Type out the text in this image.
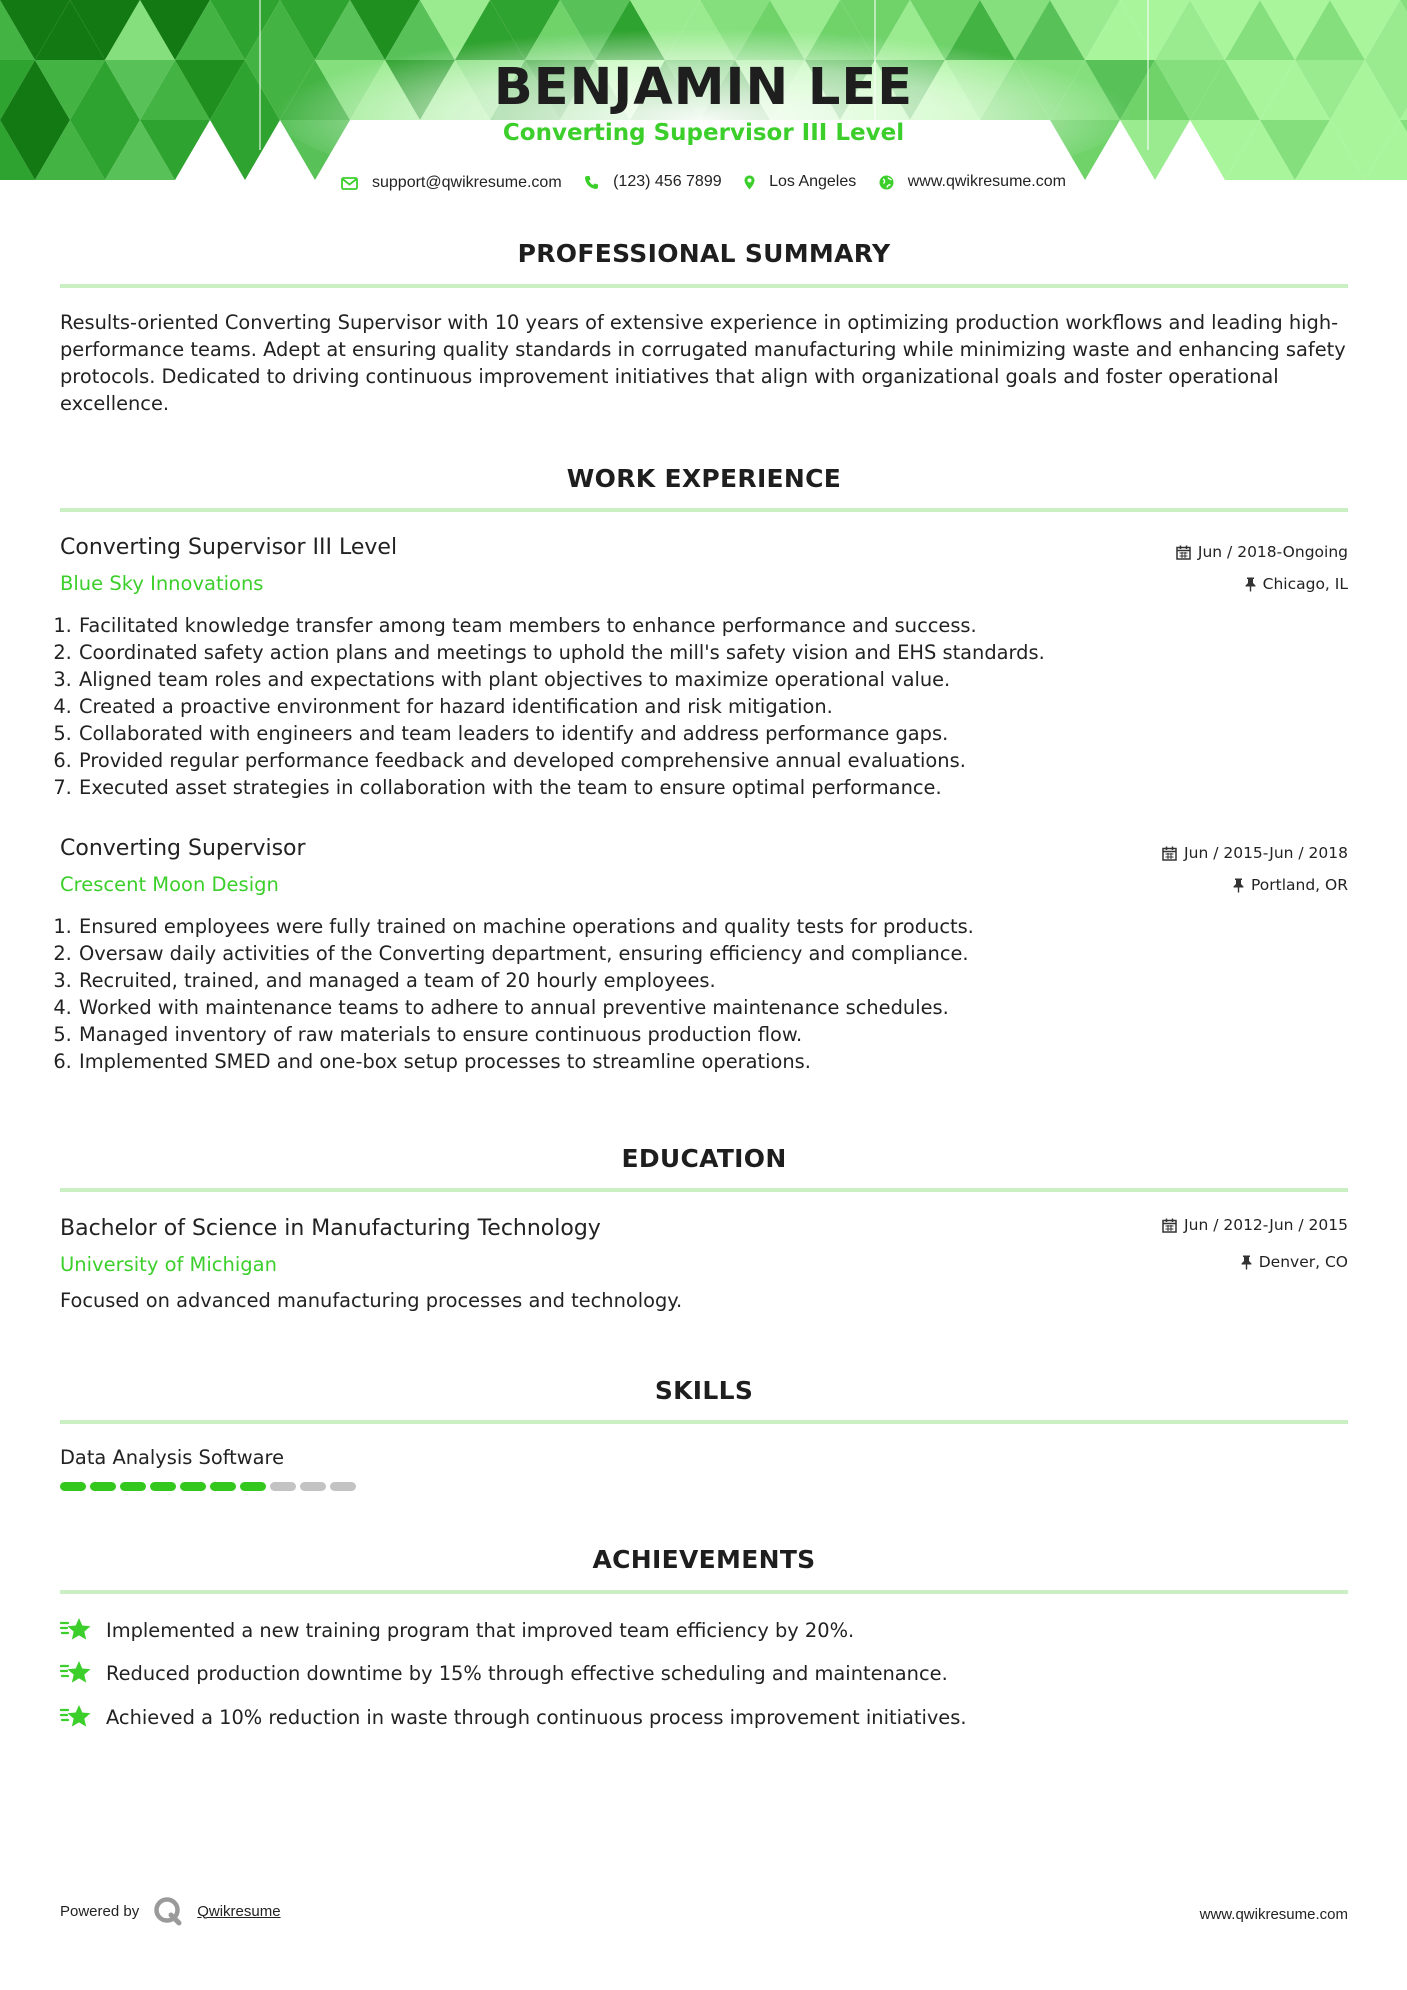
BENJAMIN LEE
Converting Supervisor III Level
support@qwikresume.com
	(123) 456 7899
	Los Angeles
	www.qwikresume.com
PROFESSIONAL SUMMARY

Results-oriented Converting Supervisor with 10 years of extensive experience in optimizing production workflows and leading high-performance teams. Adept at ensuring quality standards in corrugated manufacturing while minimizing waste and enhancing safety protocols. Dedicated to driving continuous improvement initiatives that align with organizational goals and foster operational excellence.

WORK EXPERIENCE
Converting Supervisor III Level
Blue Sky Innovations
Jun / 2018-Ongoing
Chicago, IL
1. Facilitated knowledge transfer among team members to enhance performance and success.
2. Coordinated safety action plans and meetings to uphold the mill's safety vision and EHS standards.
3. Aligned team roles and expectations with plant objectives to maximize operational value.
4. Created a proactive environment for hazard identification and risk mitigation.
5. Collaborated with engineers and team leaders to identify and address performance gaps.
6. Provided regular performance feedback and developed comprehensive annual evaluations.
7. Executed asset strategies in collaboration with the team to ensure optimal performance.
Converting Supervisor
Crescent Moon Design
Jun / 2015-Jun / 2018
Portland, OR
1. Ensured employees were fully trained on machine operations and quality tests for products.
2. Oversaw daily activities of the Converting department, ensuring efficiency and compliance.
3. Recruited, trained, and managed a team of 20 hourly employees.
4. Worked with maintenance teams to adhere to annual preventive maintenance schedules.
5. Managed inventory of raw materials to ensure continuous production flow.
6. Implemented SMED and one-box setup processes to streamline operations.
EDUCATION
Bachelor of Science in Manufacturing Technology
University of Michigan
Jun / 2012-Jun / 2015
Denver, CO

Focused on advanced manufacturing processes and technology.

SKILLS
Data Analysis Software
ACHIEVEMENTS
Implemented a new training program that improved team efficiency by 20%.
Reduced production downtime by 15% through effective scheduling and maintenance.
Achieved a 10% reduction in waste through continuous process improvement initiatives.
Powered by	Qwikresume	www.qwikresume.com
